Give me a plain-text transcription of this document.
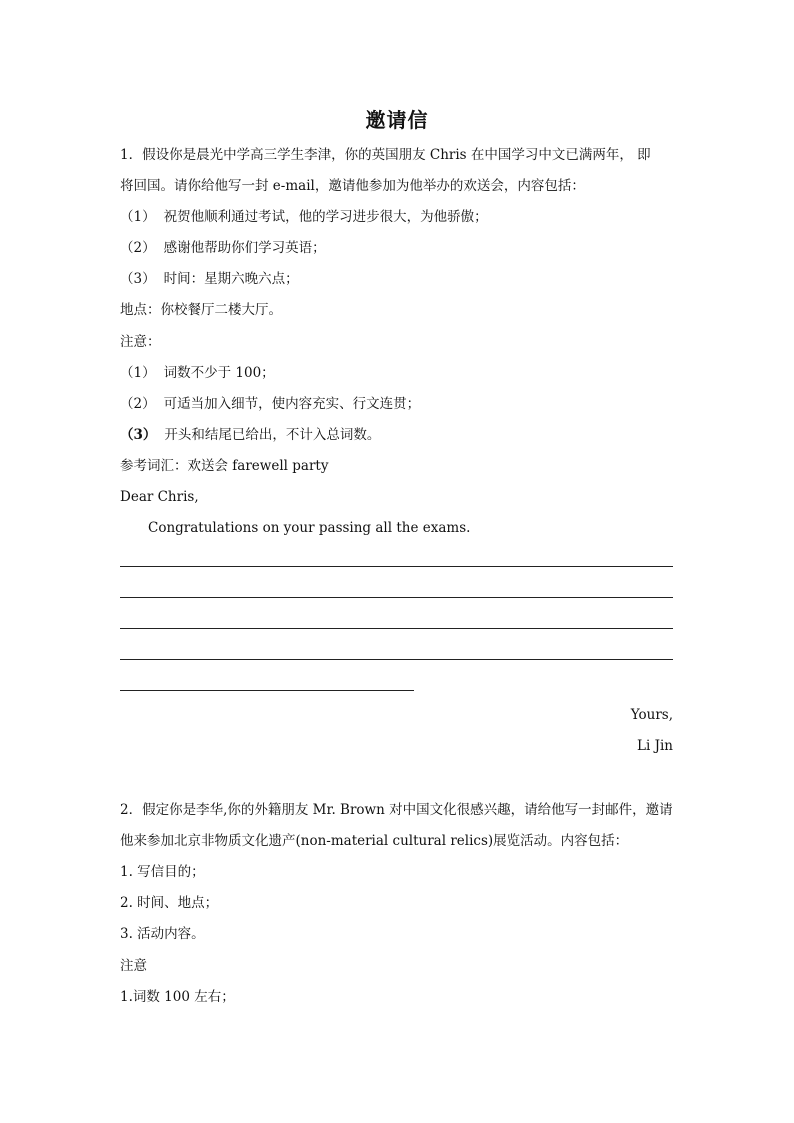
邀请信
1．假设你是晨光中学高三学生李津，你的英国朋友 Chris 在中国学习中文已满两年， 即
将回国。请你给他写一封 e-mail，邀请他参加为他举办的欢送会，内容包括：
（1） 祝贺他顺利通过考试，他的学习进步很大，为他骄傲；
（2） 感谢他帮助你们学习英语；
（3） 时间：星期六晚六点；
地点：你校餐厅二楼大厅。
注意：
（1） 词数不少于 100；
（2） 可适当加入细节，使内容充实、行文连贯；
（3） 开头和结尾已给出，不计入总词数。
参考词汇：欢送会 farewell party
Dear Chris,
Congratulations on your passing all the exams.
Yours,
Li Jin
2．假定你是李华,你的外籍朋友 Mr. Brown 对中国文化很感兴趣，请给他写一封邮件，邀请
他来参加北京非物质文化遗产(non-material cultural relics)展览活动。内容包括：
1. 写信目的；
2. 时间、地点；
3. 活动内容。
注意
1.词数 100 左右；
